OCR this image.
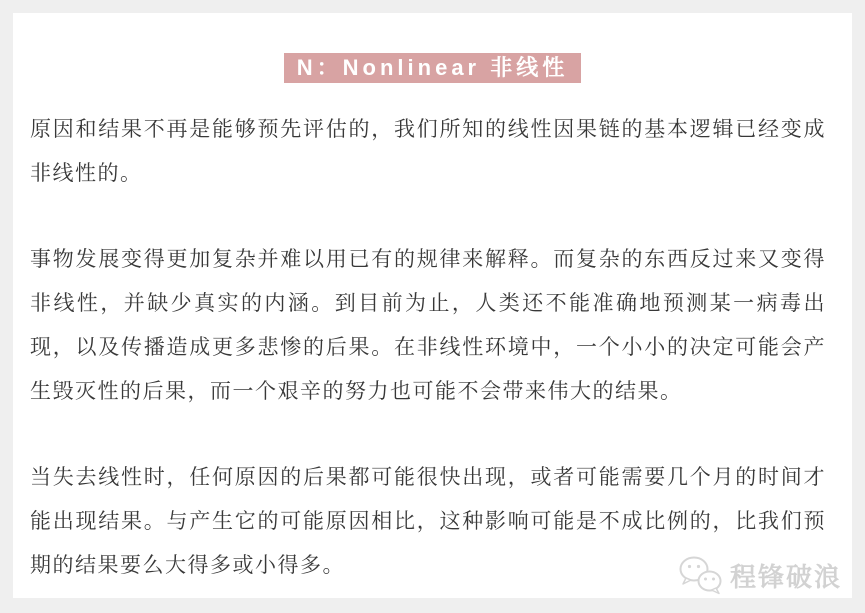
N：Nonlinear 非线性

原因和结果不再是能够预先评估的，我们所知的线性因果链的基本逻辑已经变成非线性的。

事物发展变得更加复杂并难以用已有的规律来解释。而复杂的东西反过来又变得非线性，并缺少真实的内涵。到目前为止，人类还不能准确地预测某一病毒出现，以及传播造成更多悲惨的后果。在非线性环境中，一个小小的决定可能会产生毁灭性的后果，而一个艰辛的努力也可能不会带来伟大的结果。

当失去线性时，任何原因的后果都可能很快出现，或者可能需要几个月的时间才能出现结果。与产生它的可能原因相比，这种影响可能是不成比例的，比我们预期的结果要么大得多或小得多。	程锋破浪
